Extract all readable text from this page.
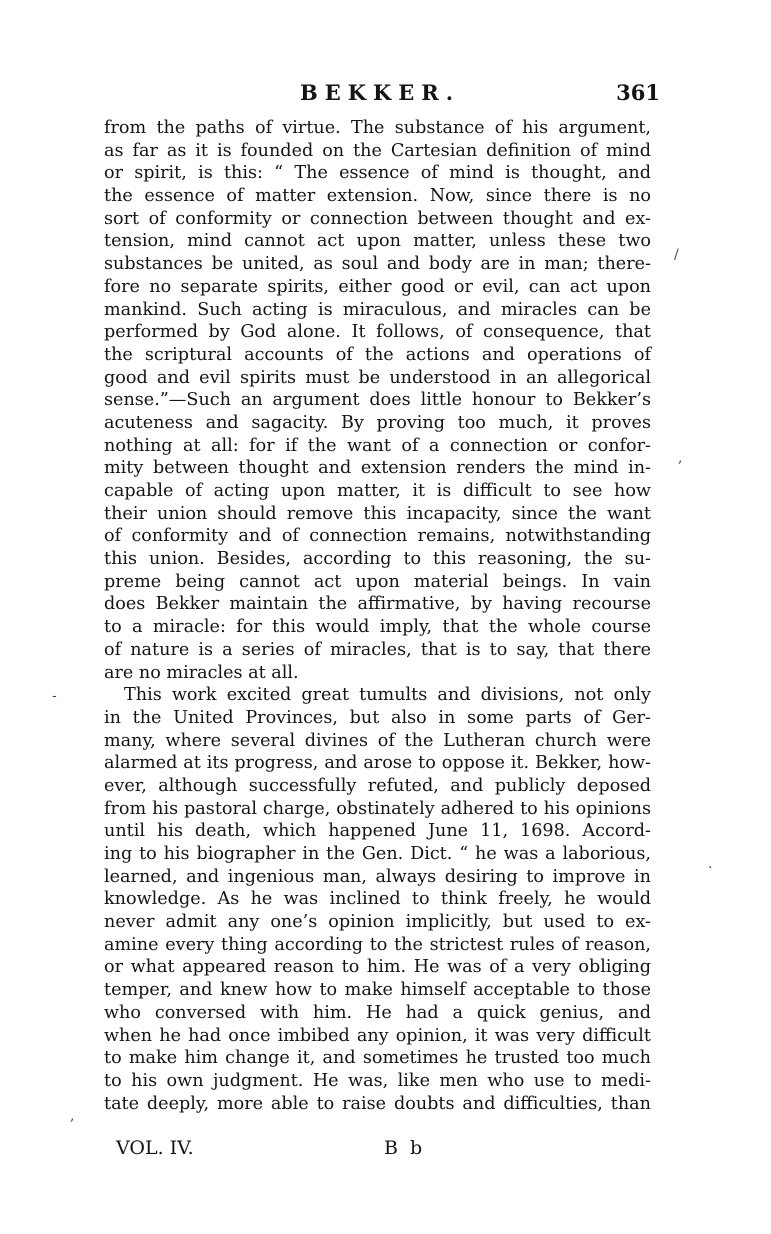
BEKKER.	361
from the paths of virtue. The substance of his argument,
as far as it is founded on the Cartesian definition of mind
or spirit, is this: “ The essence of mind is thought, and
the essence of matter extension. Now, since there is no
sort of conformity or connection between thought and ex-
tension, mind cannot act upon matter, unless these two
substances be united, as soul and body are in man; there-
fore no separate spirits, either good or evil, can act upon
mankind. Such acting is miraculous, and miracles can be
performed by God alone. It follows, of consequence, that
the scriptural accounts of the actions and operations of
good and evil spirits must be understood in an allegorical
sense.”—Such an argument does little honour to Bekker’s
acuteness and sagacity. By proving too much, it proves
nothing at all: for if the want of a connection or confor-
mity between thought and extension renders the mind in-
capable of acting upon matter, it is difficult to see how
their union should remove this incapacity, since the want
of conformity and of connection remains, notwithstanding
this union. Besides, according to this reasoning, the su-
preme being cannot act upon material beings. In vain
does Bekker maintain the affirmative, by having recourse
to a miracle: for this would imply, that the whole course
of nature is a series of miracles, that is to say, that there
are no miracles at all.
This work excited great tumults and divisions, not only
in the United Provinces, but also in some parts of Ger-
many, where several divines of the Lutheran church were
alarmed at its progress, and arose to oppose it. Bekker, how-
ever, although successfully refuted, and publicly deposed
from his pastoral charge, obstinately adhered to his opinions
until his death, which happened June 11, 1698. Accord-
ing to his biographer in the Gen. Dict. “ he was a laborious,
learned, and ingenious man, always desiring to improve in
knowledge. As he was inclined to think freely, he would
never admit any one’s opinion implicitly, but used to ex-
amine every thing according to the strictest rules of reason,
or what appeared reason to him. He was of a very obliging
temper, and knew how to make himself acceptable to those
who conversed with him. He had a quick genius, and
when he had once imbibed any opinion, it was very difficult
to make him change it, and sometimes he trusted too much
to his own judgment. He was, like men who use to medi-
tate deeply, more able to raise doubts and difficulties, than
VOL. IV.	B b
/
,
-
·
,
